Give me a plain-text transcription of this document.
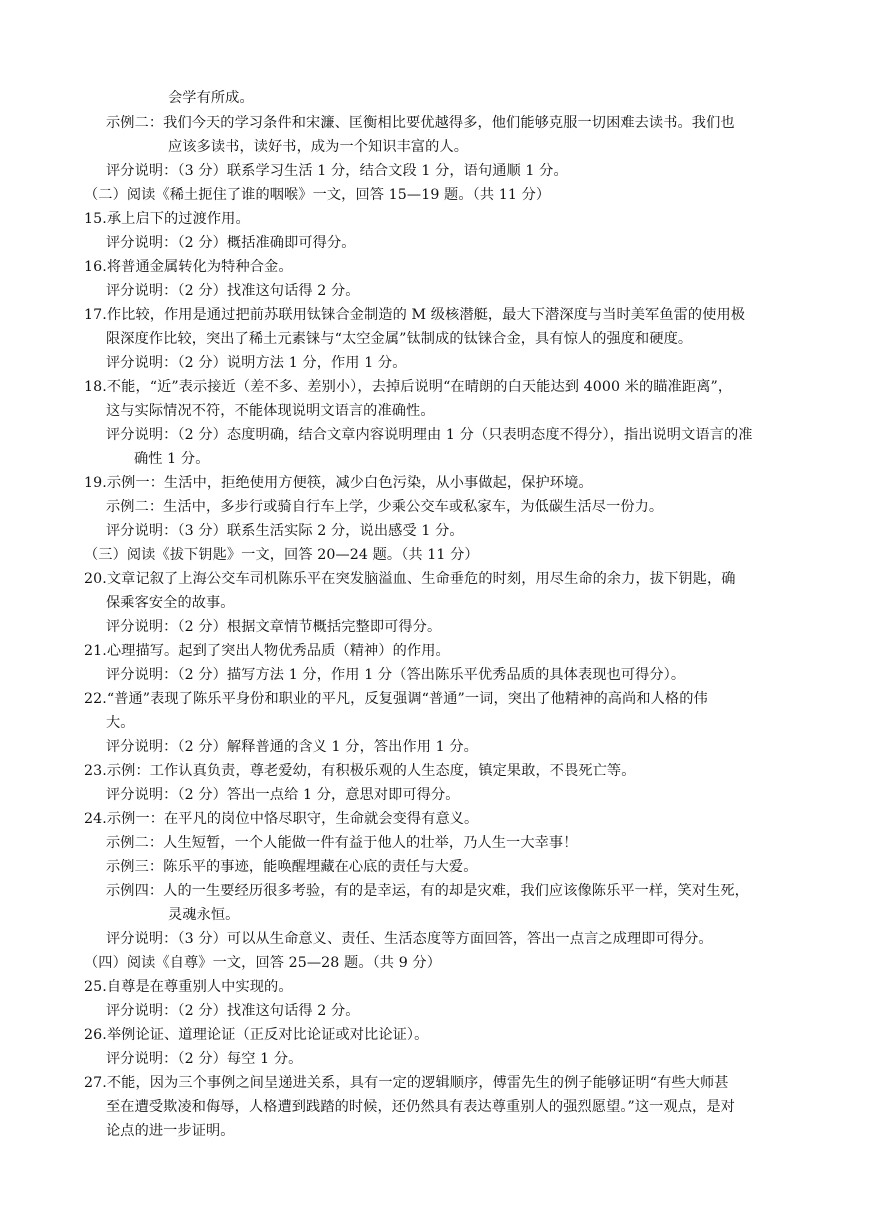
会学有所成。
示例二：我们今天的学习条件和宋濂、匡衡相比要优越得多，他们能够克服一切困难去读书。我们也
应该多读书，读好书，成为一个知识丰富的人。
评分说明：（3 分）联系学习生活 1 分，结合文段 1 分，语句通顺 1 分。
（二）阅读《稀土扼住了谁的咽喉》一文，回答 15—19 题。（共 11 分）
15.承上启下的过渡作用。
评分说明：（2 分）概括准确即可得分。
16.将普通金属转化为特种合金。
评分说明：（2 分）找准这句话得 2 分。
17.作比较，作用是通过把前苏联用钛铼合金制造的 M 级核潜艇，最大下潜深度与当时美军鱼雷的使用极
限深度作比较，突出了稀土元素铼与“太空金属”钛制成的钛铼合金，具有惊人的强度和硬度。
评分说明：（2 分）说明方法 1 分，作用 1 分。
18.不能，“近”表示接近（差不多、差别小），去掉后说明“在晴朗的白天能达到 4000 米的瞄准距离”，
这与实际情况不符，不能体现说明文语言的准确性。
评分说明：（2 分）态度明确，结合文章内容说明理由 1 分（只表明态度不得分），指出说明文语言的准
确性 1 分。
19.示例一：生活中，拒绝使用方便筷，减少白色污染，从小事做起，保护环境。
示例二：生活中，多步行或骑自行车上学，少乘公交车或私家车，为低碳生活尽一份力。
评分说明：（3 分）联系生活实际 2 分，说出感受 1 分。
（三）阅读《拔下钥匙》一文，回答 20—24 题。（共 11 分）
20.文章记叙了上海公交车司机陈乐平在突发脑溢血、生命垂危的时刻，用尽生命的余力，拔下钥匙，确
保乘客安全的故事。
评分说明：（2 分）根据文章情节概括完整即可得分。
21.心理描写。起到了突出人物优秀品质（精神）的作用。
评分说明：（2 分）描写方法 1 分，作用 1 分（答出陈乐平优秀品质的具体表现也可得分）。
22.“普通”表现了陈乐平身份和职业的平凡，反复强调“普通”一词，突出了他精神的高尚和人格的伟
大。
评分说明：（2 分）解释普通的含义 1 分，答出作用 1 分。
23.示例：工作认真负责，尊老爱幼，有积极乐观的人生态度，镇定果敢，不畏死亡等。
评分说明：（2 分）答出一点给 1 分，意思对即可得分。
24.示例一：在平凡的岗位中恪尽职守，生命就会变得有意义。
示例二：人生短暂，一个人能做一件有益于他人的壮举，乃人生一大幸事！
示例三：陈乐平的事迹，能唤醒埋藏在心底的责任与大爱。
示例四：人的一生要经历很多考验，有的是幸运，有的却是灾难，我们应该像陈乐平一样，笑对生死，
灵魂永恒。
评分说明：（3 分）可以从生命意义、责任、生活态度等方面回答，答出一点言之成理即可得分。
（四）阅读《自尊》一文，回答 25—28 题。（共 9 分）
25.自尊是在尊重别人中实现的。
评分说明：（2 分）找准这句话得 2 分。
26.举例论证、道理论证（正反对比论证或对比论证）。
评分说明：（2 分）每空 1 分。
27.不能，因为三个事例之间呈递进关系，具有一定的逻辑顺序，傅雷先生的例子能够证明“有些大师甚
至在遭受欺凌和侮辱，人格遭到践踏的时候，还仍然具有表达尊重别人的强烈愿望。”这一观点，是对
论点的进一步证明。
